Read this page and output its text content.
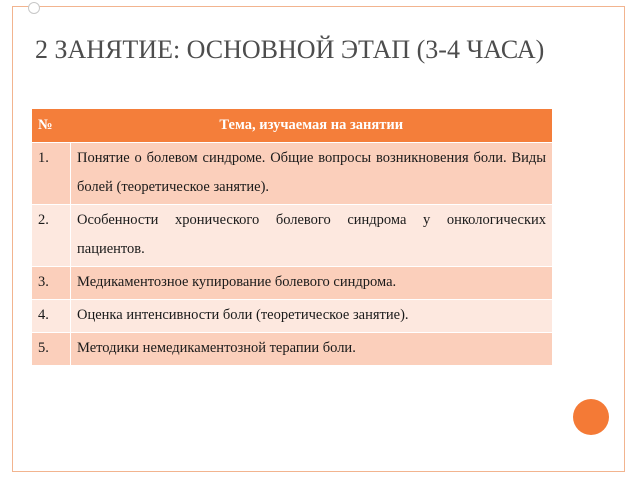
2 ЗАНЯТИЕ: ОСНОВНОЙ ЭТАП (3-4 ЧАСА)
№	Тема, изучаемая на занятии
1.	Понятие о болевом синдроме. Общие вопросы возникновения боли. Виды болей (теоретическое занятие).
2.	Особенности хронического болевого синдрома у онкологических пациентов.
3.	Медикаментозное купирование болевого синдрома.
4.	Оценка интенсивности боли (теоретическое занятие).
5.	Методики немедикаментозной терапии боли.
